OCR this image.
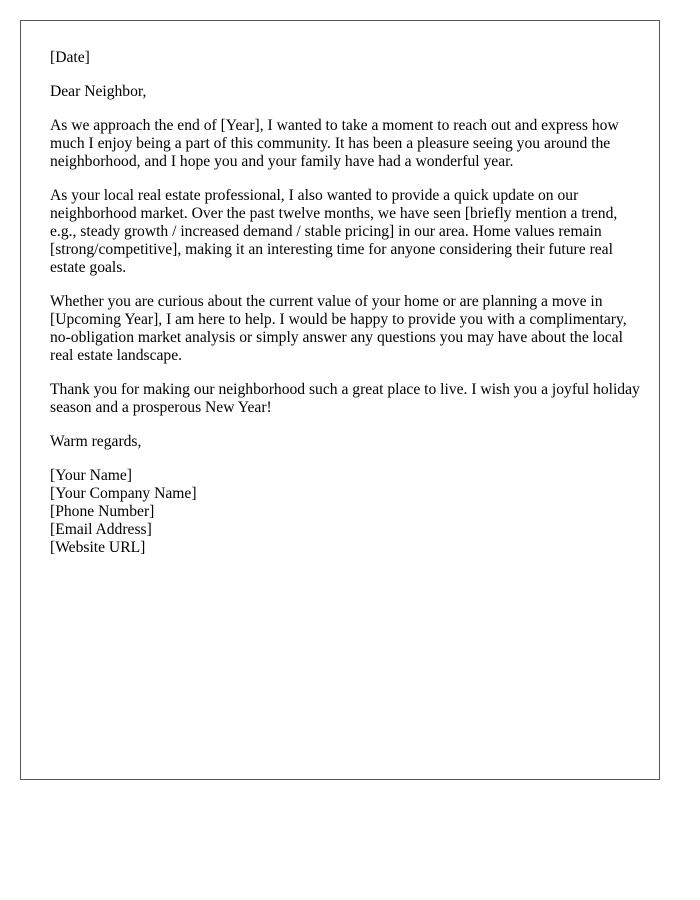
[Date]

Dear Neighbor,

As we approach the end of [Year], I wanted to take a moment to reach out and express how much I enjoy being a part of this community. It has been a pleasure seeing you around the neighborhood, and I hope you and your family have had a wonderful year.

As your local real estate professional, I also wanted to provide a quick update on our neighborhood market. Over the past twelve months, we have seen [briefly mention a trend, e.g., steady growth / increased demand / stable pricing] in our area. Home values remain [strong/competitive], making it an interesting time for anyone considering their future real estate goals.

Whether you are curious about the current value of your home or are planning a move in [Upcoming Year], I am here to help. I would be happy to provide you with a complimentary, no-obligation market analysis or simply answer any questions you may have about the local real estate landscape.

Thank you for making our neighborhood such a great place to live. I wish you a joyful holiday season and a prosperous New Year!

Warm regards,

[Your Name]

[Your Company Name]

[Phone Number]

[Email Address]

[Website URL]
